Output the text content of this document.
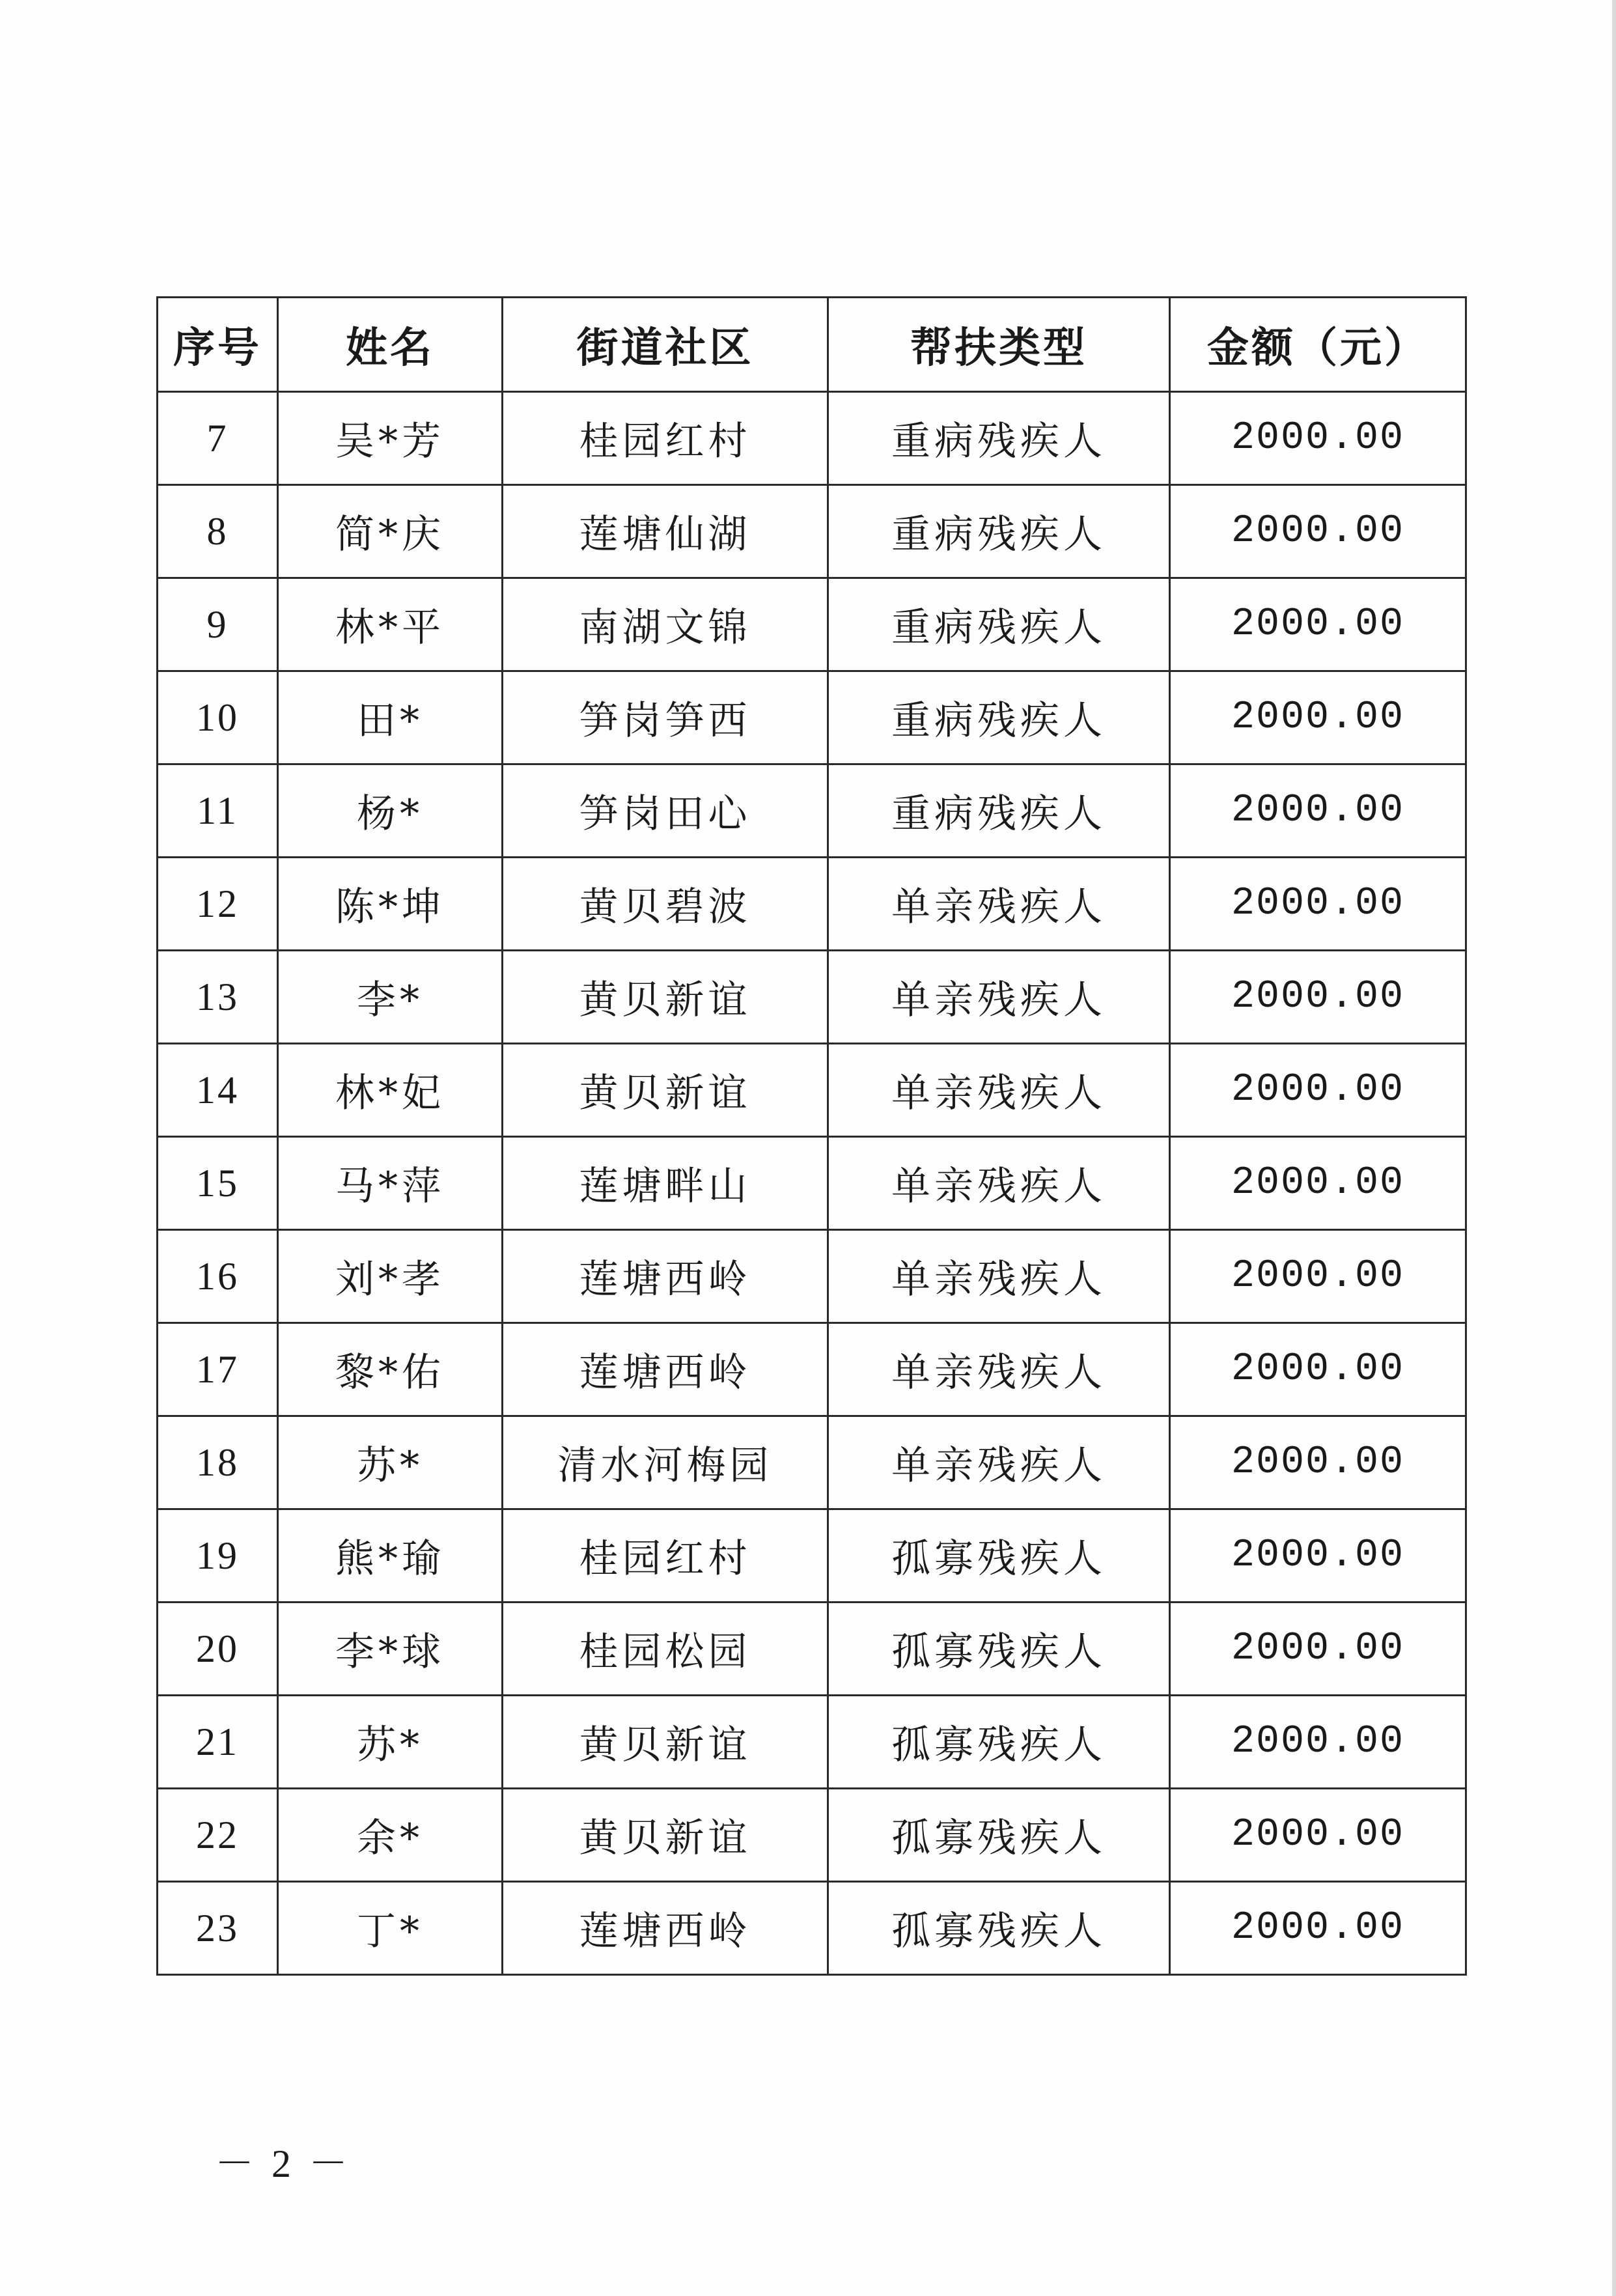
序号	姓名	街道社区	帮扶类型	金额（元）
7	吴*芳	桂园红村	重病残疾人	2000.00
8	简*庆	莲塘仙湖	重病残疾人	2000.00
9	林*平	南湖文锦	重病残疾人	2000.00
10	田*	笋岗笋西	重病残疾人	2000.00
11	杨*	笋岗田心	重病残疾人	2000.00
12	陈*坤	黄贝碧波	单亲残疾人	2000.00
13	李*	黄贝新谊	单亲残疾人	2000.00
14	林*妃	黄贝新谊	单亲残疾人	2000.00
15	马*萍	莲塘畔山	单亲残疾人	2000.00
16	刘*孝	莲塘西岭	单亲残疾人	2000.00
17	黎*佑	莲塘西岭	单亲残疾人	2000.00
18	苏*	清水河梅园	单亲残疾人	2000.00
19	熊*瑜	桂园红村	孤寡残疾人	2000.00
20	李*球	桂园松园	孤寡残疾人	2000.00
21	苏*	黄贝新谊	孤寡残疾人	2000.00
22	余*	黄贝新谊	孤寡残疾人	2000.00
23	丁*	莲塘西岭	孤寡残疾人	2000.00
－ 2 －
